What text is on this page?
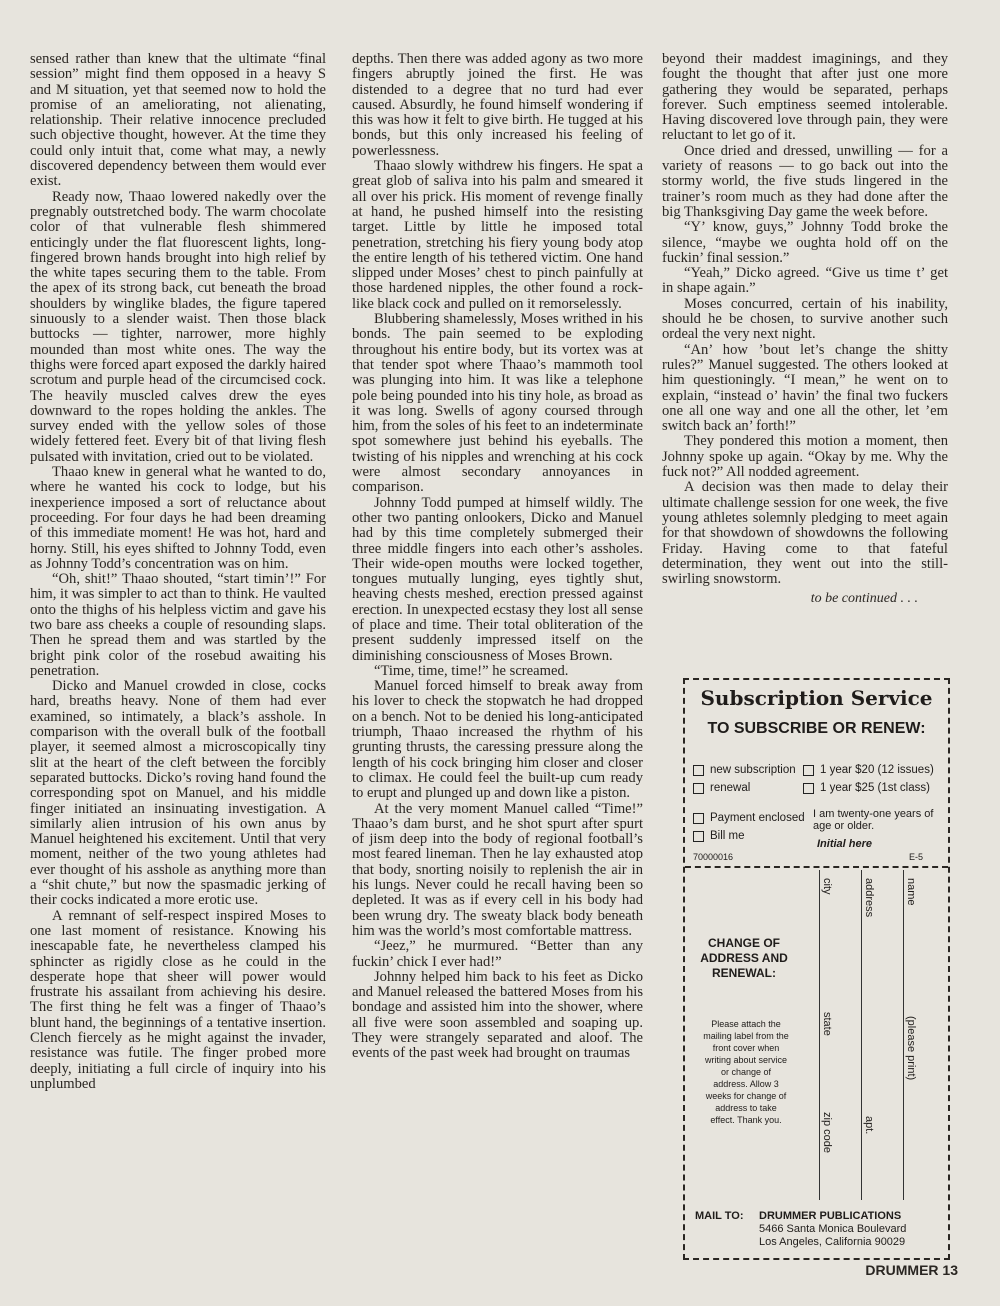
sensed rather than knew that the ultimate “final session” might find them opposed in a heavy S and M situation, yet that seemed now to hold the promise of an ameliorating, not alienating, relationship. Their relative innocence precluded such objective thought, however. At the time they could only intuit that, come what may, a newly discovered dependency between them would ever exist.

Ready now, Thaao lowered nakedly over the pregnably outstretched body. The warm chocolate color of that vulnerable flesh shimmered enticingly under the flat fluorescent lights, long-fingered brown hands brought into high relief by the white tapes securing them to the table. From the apex of its strong back, cut beneath the broad shoulders by winglike blades, the figure tapered sinuously to a slender waist. Then those black buttocks — tighter, narrower, more highly mounded than most white ones. The way the thighs were forced apart exposed the darkly haired scrotum and purple head of the circumcised cock. The heavily muscled calves drew the eyes downward to the ropes holding the ankles. The survey ended with the yellow soles of those widely fettered feet. Every bit of that living flesh pulsated with invitation, cried out to be violated.

Thaao knew in general what he wanted to do, where he wanted his cock to lodge, but his inexperience imposed a sort of reluctance about proceeding. For four days he had been dreaming of this immediate moment! He was hot, hard and horny. Still, his eyes shifted to Johnny Todd, even as Johnny Todd’s concentration was on him.

“Oh, shit!” Thaao shouted, “start timin’!” For him, it was simpler to act than to think. He vaulted onto the thighs of his helpless victim and gave his two bare ass cheeks a couple of resounding slaps. Then he spread them and was startled by the bright pink color of the rosebud awaiting his penetration.

Dicko and Manuel crowded in close, cocks hard, breaths heavy. None of them had ever examined, so intimately, a black’s asshole. In comparison with the overall bulk of the football player, it seemed almost a microscopically tiny slit at the heart of the cleft between the forcibly separated buttocks. Dicko’s roving hand found the corresponding spot on Manuel, and his middle finger initiated an insinuating investigation. A similarly alien intrusion of his own anus by Manuel heightened his excitement. Until that very moment, neither of the two young athletes had ever thought of his asshole as anything more than a “shit chute,” but now the spasmadic jerking of their cocks indicated a more erotic use.

A remnant of self-respect inspired Moses to one last moment of resistance. Knowing his inescapable fate, he nevertheless clamped his sphincter as rigidly close as he could in the desperate hope that sheer will power would frustrate his assailant from achieving his desire. The first thing he felt was a finger of Thaao’s blunt hand, the beginnings of a tentative insertion. Clench fiercely as he might against the invader, resistance was futile. The finger probed more deeply, initiating a full circle of inquiry into his unplumbed

depths. Then there was added agony as two more fingers abruptly joined the first. He was distended to a degree that no turd had ever caused. Absurdly, he found himself wondering if this was how it felt to give birth. He tugged at his bonds, but this only increased his feeling of powerlessness.

Thaao slowly withdrew his fingers. He spat a great glob of saliva into his palm and smeared it all over his prick. His moment of revenge finally at hand, he pushed himself into the resisting target. Little by little he imposed total penetration, stretching his fiery young body atop the entire length of his tethered victim. One hand slipped under Moses’ chest to pinch painfully at those hardened nipples, the other found a rock-like black cock and pulled on it remorselessly.

Blubbering shamelessly, Moses writhed in his bonds. The pain seemed to be exploding throughout his entire body, but its vortex was at that tender spot where Thaao’s mammoth tool was plunging into him. It was like a telephone pole being pounded into his tiny hole, as broad as it was long. Swells of agony coursed through him, from the soles of his feet to an indeterminate spot somewhere just behind his eyeballs. The twisting of his nipples and wrenching at his cock were almost secondary annoyances in comparison.

Johnny Todd pumped at himself wildly. The other two panting onlookers, Dicko and Manuel had by this time completely submerged their three middle fingers into each other’s assholes. Their wide-open mouths were locked together, tongues mutually lunging, eyes tightly shut, heaving chests meshed, erection pressed against erection. In unexpected ecstasy they lost all sense of place and time. Their total obliteration of the present suddenly impressed itself on the diminishing consciousness of Moses Brown.

“Time, time, time!” he screamed.

Manuel forced himself to break away from his lover to check the stopwatch he had dropped on a bench. Not to be denied his long-anticipated triumph, Thaao increased the rhythm of his grunting thrusts, the caressing pressure along the length of his cock bringing him closer and closer to climax. He could feel the built-up cum ready to erupt and plunged up and down like a piston.

At the very moment Manuel called “Time!” Thaao’s dam burst, and he shot spurt after spurt of jism deep into the body of regional football’s most feared lineman. Then he lay exhausted atop that body, snorting noisily to replenish the air in his lungs. Never could he recall having been so depleted. It was as if every cell in his body had been wrung dry. The sweaty black body beneath him was the world’s most comfortable mattress.

“Jeez,” he murmured. “Better than any fuckin’ chick I ever had!”

Johnny helped him back to his feet as Dicko and Manuel released the battered Moses from his bondage and assisted him into the shower, where all five were soon assembled and soaping up. They were strangely separated and aloof. The events of the past week had brought on traumas

beyond their maddest imaginings, and they fought the thought that after just one more gathering they would be separated, perhaps forever. Such emptiness seemed intolerable. Having discovered love through pain, they were reluctant to let go of it.

Once dried and dressed, unwilling — for a variety of reasons — to go back out into the stormy world, the five studs lingered in the trainer’s room much as they had done after the big Thanksgiving Day game the week before.

“Y’ know, guys,” Johnny Todd broke the silence, “maybe we oughta hold off on the fuckin’ final session.”

“Yeah,” Dicko agreed. “Give us time t’ get in shape again.”

Moses concurred, certain of his inability, should he be chosen, to survive another such ordeal the very next night.

“An’ how ’bout let’s change the shitty rules?” Manuel suggested. The others looked at him questioningly. “I mean,” he went on to explain, “instead o’ havin’ the final two fuckers one all one way and one all the other, let ’em switch back an’ forth!”

They pondered this motion a moment, then Johnny spoke up again. “Okay by me. Why the fuck not?” All nodded agreement.

A decision was then made to delay their ultimate challenge session for one week, the five young athletes solemnly pledging to meet again for that showdown of showdowns the following Friday. Having come to that fateful determination, they went out into the still-swirling snowstorm.

to be continued . . .
Subscription Service
TO SUBSCRIBE OR RENEW:
new subscription
renewal
1 year $20 (12 issues)
1 year $25 (1st class)
Payment enclosed
Bill me
I am twenty-one years of age or older.
Initial here
70000016	E-5
CHANGE OF ADDRESS AND RENEWAL:
Please attach the mailing label from the front cover when writing about service or change of address. Allow 3 weeks for change of address to take effect. Thank you.
city
state
zip code
address
apt.
name
(please print)
MAIL TO: DRUMMER PUBLICATIONS
5466 Santa Monica Boulevard
Los Angeles, California 90029
DRUMMER 13
